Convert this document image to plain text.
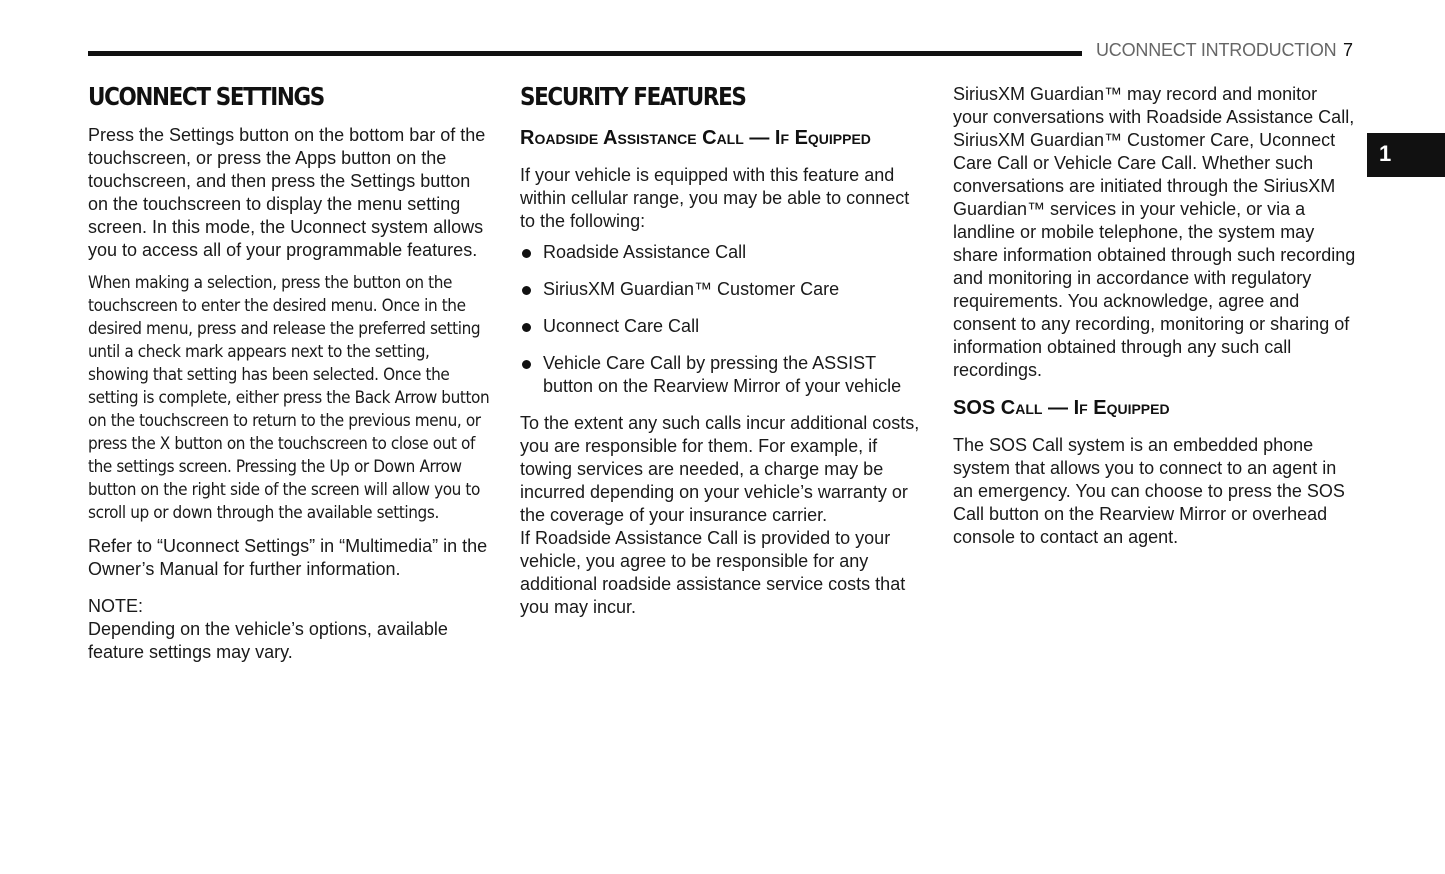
UCONNECT INTRODUCTION 7
1
UCONNECT SETTINGS

Press the Settings button on the bottom bar of the touchscreen, or press the Apps button on the touchscreen, and then press the Settings button on the touchscreen to display the menu setting screen. In this mode, the Uconnect system allows you to access all of your programmable features.

When making a selection, press the button on the touchscreen to enter the desired menu. Once in the desired menu, press and release the preferred setting until a check mark appears next to the setting, showing that setting has been selected. Once the setting is complete, either press the Back Arrow button on the touchscreen to return to the previous menu, or press the X button on the touchscreen to close out of the settings screen. Pressing the Up or Down Arrow button on the right side of the screen will allow you to scroll up or down through the available settings.

Refer to “Uconnect Settings” in “Multimedia” in the Owner’s Manual for further information.

NOTE:

Depending on the vehicle’s options, available feature settings may vary.

SECURITY FEATURES
Roadside Assistance Call — If Equipped

If your vehicle is equipped with this feature and within cellular range, you may be able to connect to the following:

Roadside Assistance Call
SiriusXM Guardian™ Customer Care
Uconnect Care Call
Vehicle Care Call by pressing the ASSIST button on the Rearview Mirror of your vehicle

To the extent any such calls incur additional costs, you are responsible for them. For example, if towing services are needed, a charge may be incurred depending on your vehicle’s warranty or the coverage of your insurance carrier.

If Roadside Assistance Call is provided to your vehicle, you agree to be responsible for any additional roadside assistance service costs that you may incur.

SiriusXM Guardian™ may record and monitor your conversations with Roadside Assistance Call, SiriusXM Guardian™ Customer Care, Uconnect Care Call or Vehicle Care Call. Whether such conversations are initiated through the SiriusXM Guardian™ services in your vehicle, or via a landline or mobile telephone, the system may share information obtained through such recording and monitoring in accordance with regulatory requirements. You acknowledge, agree and consent to any recording, monitoring or sharing of information obtained through any such call recordings.

SOS Call — If Equipped

The SOS Call system is an embedded phone system that allows you to connect to an agent in an emergency. You can choose to press the SOS Call button on the Rearview Mirror or overhead console to contact an agent.
